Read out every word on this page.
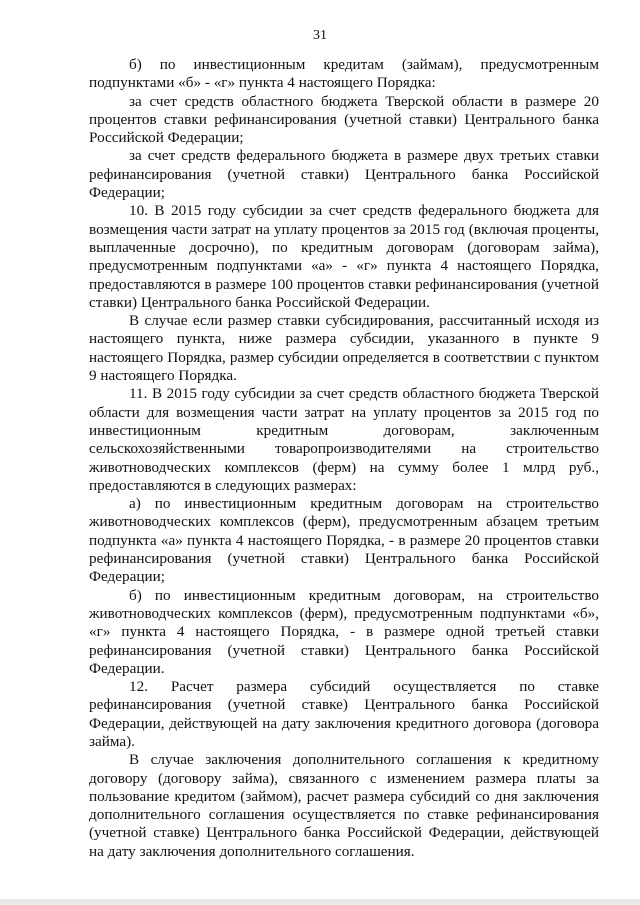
31

б) по инвестиционным кредитам (займам), предусмотренным подпунктами «б» - «г» пункта 4 настоящего Порядка:

за счет средств областного бюджета Тверской области в размере 20 процентов ставки рефинансирования (учетной ставки) Центрального банка Российской Федерации;

за счет средств федерального бюджета в размере двух третьих ставки рефинансирования (учетной ставки) Центрального банка Российской Федерации;

10. В 2015 году субсидии за счет средств федерального бюджета для возмещения части затрат на уплату процентов за 2015 год (включая проценты, выплаченные досрочно), по кредитным договорам (договорам займа), предусмотренным подпунктами «а» - «г» пункта 4 настоящего Порядка, предоставляются в размере 100 процентов ставки рефинансирования (учетной ставки) Центрального банка Российской Федерации.

В случае если размер ставки субсидирования, рассчитанный исходя из настоящего пункта, ниже размера субсидии, указанного в пункте 9 настоящего Порядка, размер субсидии определяется в соответствии с пунктом 9 настоящего Порядка.

11. В 2015 году субсидии за счет средств областного бюджета Тверской области для возмещения части затрат на уплату процентов за 2015 год по инвестиционным кредитным договорам, заключенным сельскохозяйственными товаропроизводителями на строительство животноводческих комплексов (ферм) на сумму более 1 млрд руб., предоставляются в следующих размерах:

а) по инвестиционным кредитным договорам на строительство животноводческих комплексов (ферм), предусмотренным абзацем третьим подпункта «а» пункта 4 настоящего Порядка, - в размере 20 процентов ставки рефинансирования (учетной ставки) Центрального банка Российской Федерации;

б) по инвестиционным кредитным договорам, на строительство животноводческих комплексов (ферм), предусмотренным подпунктами «б», «г» пункта 4 настоящего Порядка, - в размере одной третьей ставки рефинансирования (учетной ставки) Центрального банка Российской Федерации.

12. Расчет размера субсидий осуществляется по ставке рефинансирования (учетной ставке) Центрального банка Российской Федерации, действующей на дату заключения кредитного договора (договора займа).

В случае заключения дополнительного соглашения к кредитному договору (договору займа), связанного с изменением размера платы за пользование кредитом (займом), расчет размера субсидий со дня заключения дополнительного соглашения осуществляется по ставке рефинансирования (учетной ставке) Центрального банка Российской Федерации, действующей на дату заключения дополнительного соглашения.
